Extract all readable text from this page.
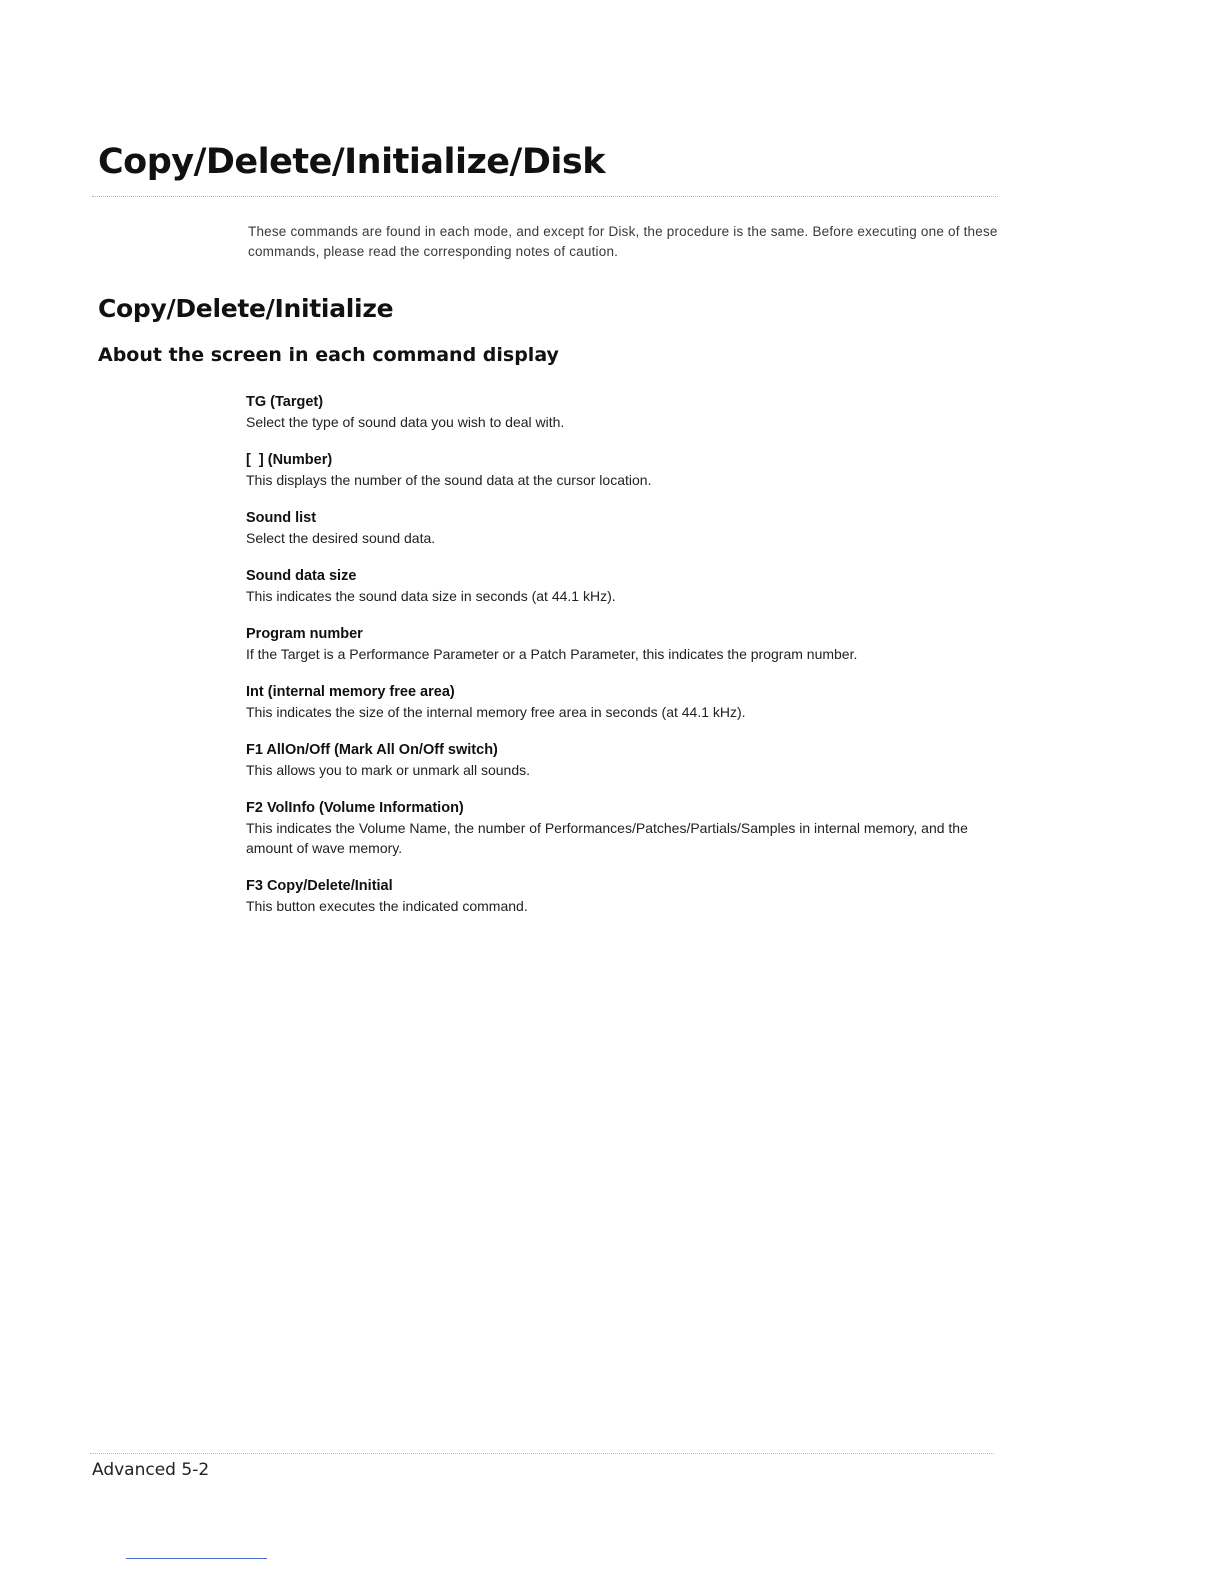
Copy/Delete/Initialize/Disk

These commands are found in each mode, and except for Disk, the procedure is the same. Before executing one of these commands, please read the corresponding notes of caution.

Copy/Delete/Initialize
About the screen in each command display
TG (Target)
Select the type of sound data you wish to deal with.
[  ] (Number)
This displays the number of the sound data at the cursor location.
Sound list
Select the desired sound data.
Sound data size
This indicates the sound data size in seconds (at 44.1 kHz).
Program number
If the Target is a Performance Parameter or a Patch Parameter, this indicates the program number.
Int (internal memory free area)
This indicates the size of the internal memory free area in seconds (at 44.1 kHz).
F1 AllOn/Off (Mark All On/Off switch)
This allows you to mark or unmark all sounds.
F2 VolInfo (Volume Information)
This indicates the Volume Name, the number of Performances/Patches/Partials/Samples in internal memory, and the amount of wave memory.
F3 Copy/Delete/Initial
This button executes the indicated command.

Advanced 5-2
